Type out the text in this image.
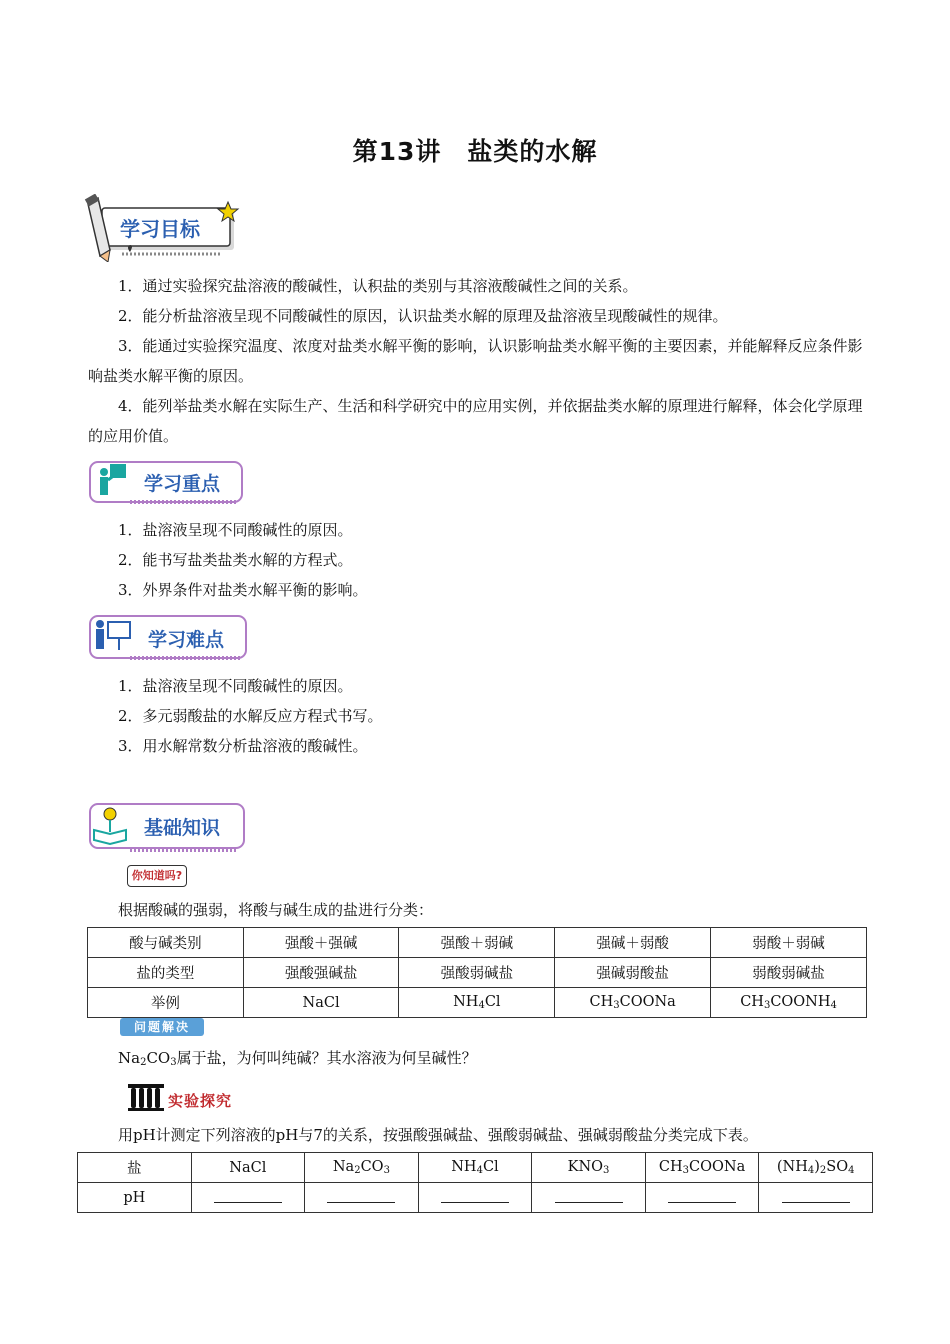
第13讲　盐类的水解
学习目标

1．通过实验探究盐溶液的酸碱性，认积盐的类别与其溶液酸碱性之间的关系。

2．能分析盐溶液呈现不同酸碱性的原因，认识盐类水解的原理及盐溶液呈现酸碱性的规律。

3．能通过实验探究温度、浓度对盐类水解平衡的影响，认识影响盐类水解平衡的主要因素，并能解释反应条件影响盐类水解平衡的原因。

4．能列举盐类水解在实际生产、生活和科学研究中的应用实例，并依据盐类水解的原理进行解释，体会化学原理的应用价值。

学习重点

1．盐溶液呈现不同酸碱性的原因。

2．能书写盐类盐类水解的方程式。

3．外界条件对盐类水解平衡的影响。

学习难点

1．盐溶液呈现不同酸碱性的原因。

2．多元弱酸盐的水解反应方程式书写。

3．用水解常数分析盐溶液的酸碱性。

基础知识
你知道吗?

根据酸碱的强弱，将酸与碱生成的盐进行分类：

酸与碱类别	强酸＋强碱	强酸＋弱碱	强碱＋弱酸	弱酸＋弱碱
盐的类型	强酸强碱盐	强酸弱碱盐	强碱弱酸盐	弱酸弱碱盐
举例	NaCl	$NH_4Cl$	$CH_3COONa$	$CH_3COONH_4$
问题解决

$Na_2CO_3$属于盐，为何叫纯碱？其水溶液为何呈碱性？

实验探究

用pH计测定下列溶液的pH与7的关系，按强酸强碱盐、强酸弱碱盐、强碱弱酸盐分类完成下表。

盐	NaCl	$Na_2CO_3$	$NH_4Cl$	$KNO_3$	$CH_3COONa$	$(NH_4)_2SO_4$
pH						
